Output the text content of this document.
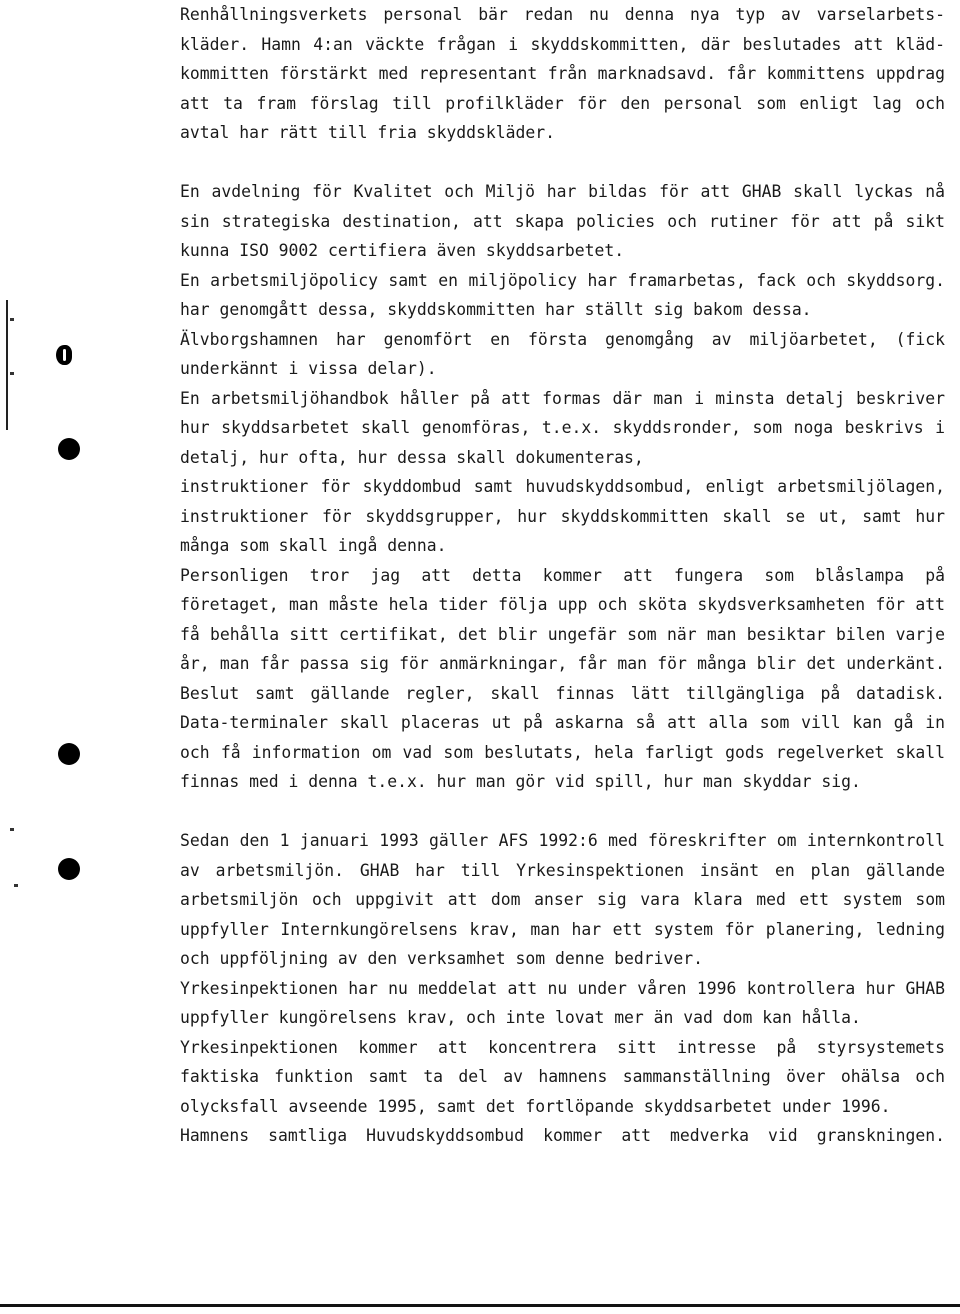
Renhållningsverkets personal bär redan nu denna nya typ av varselarbets-
kläder. Hamn 4:an väckte frågan i skyddskommitten, där beslutades att kläd-
kommitten förstärkt med representant från marknadsavd. får kommittens uppdrag
att ta fram förslag till profilkläder för den personal som enligt lag och
avtal har rätt till fria skyddskläder.
En avdelning för Kvalitet och Miljö har bildas för att GHAB skall lyckas nå
sin strategiska destination, att skapa policies och rutiner för att på sikt
kunna ISO 9002 certifiera även skyddsarbetet.
En arbetsmiljöpolicy samt en miljöpolicy har framarbetas, fack och skyddsorg.
har genomgått dessa, skyddskommitten har ställt sig bakom dessa.
Älvborgshamnen har genomfört en första genomgång av miljöarbetet, (fick
underkännt i vissa delar).
En arbetsmiljöhandbok håller på att formas där man i minsta detalj beskriver
hur skyddsarbetet skall genomföras, t.e.x. skyddsronder, som noga beskrivs i
detalj, hur ofta, hur dessa skall dokumenteras,
instruktioner för skyddombud samt huvudskyddsombud, enligt arbetsmiljölagen,
instruktioner för skyddsgrupper, hur skyddskommitten skall se ut, samt hur
många som skall ingå denna.
Personligen tror jag att detta kommer att fungera som blåslampa på
företaget, man måste hela tider följa upp och sköta skydsverksamheten för att
få behålla sitt certifikat, det blir ungefär som när man besiktar bilen varje
år, man får passa sig för anmärkningar, får man för många blir det underkänt.
Beslut samt gällande regler, skall finnas lätt tillgängliga på datadisk.
Data-terminaler skall placeras ut på askarna så att alla som vill kan gå in
och få information om vad som beslutats, hela farligt gods regelverket skall
finnas med i denna t.e.x. hur man gör vid spill, hur man skyddar sig.
Sedan den 1 januari 1993 gäller AFS 1992:6 med föreskrifter om internkontroll
av arbetsmiljön. GHAB har till Yrkesinspektionen insänt en plan gällande
arbetsmiljön och uppgivit att dom anser sig vara klara med ett system som
uppfyller Internkungörelsens krav, man har ett system för planering, ledning
och uppföljning av den verksamhet som denne bedriver.
Yrkesinpektionen har nu meddelat att nu under våren 1996 kontrollera hur GHAB
uppfyller kungörelsens krav, och inte lovat mer än vad dom kan hålla.
Yrkesinpektionen kommer att koncentrera sitt intresse på styrsystemets
faktiska funktion samt ta del av hamnens sammanställning över ohälsa och
olycksfall avseende 1995, samt det fortlöpande skyddsarbetet under 1996.
Hamnens samtliga Huvudskyddsombud kommer att medverka vid granskningen.
